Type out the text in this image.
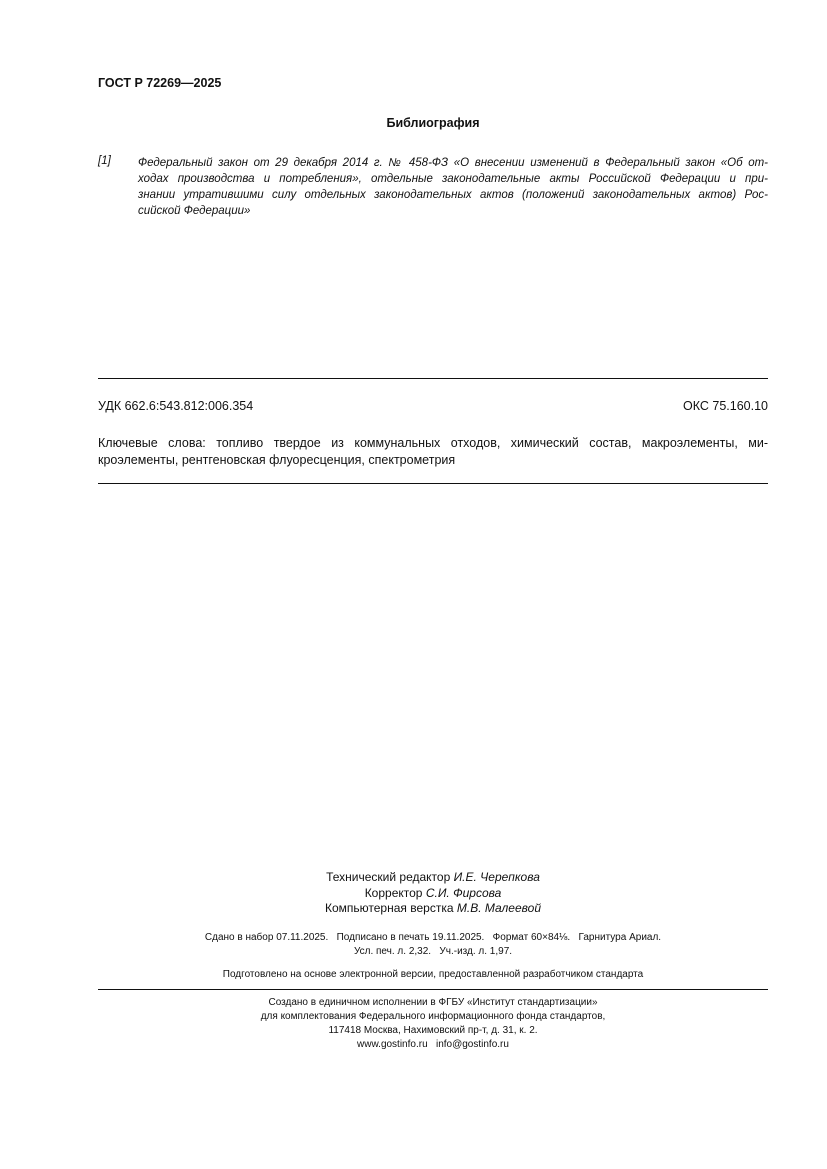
ГОСТ Р 72269—2025
Библиография
[1] Федеральный закон от 29 декабря 2014 г. № 458-ФЗ «О внесении изменений в Федеральный закон «Об от-
ходах производства и потребления», отдельные законодательные акты Российской Федерации и при-
знании утратившими силу отдельных законодательных актов (положений законодательных актов) Рос-
сийской Федерации»
УДК 662.6:543.812:006.354	ОКС 75.160.10
Ключевые слова: топливо твердое из коммунальных отходов, химический состав, макроэлементы, ми-
кроэлементы, рентгеновская флуоресценция, спектрометрия
Технический редактор И.Е. Черепкова
Корректор С.И. Фирсова
Компьютерная верстка М.В. Малеевой
Сдано в набор 07.11.2025.   Подписано в печать 19.11.2025.   Формат 60×84⅛.   Гарнитура Ариал.
Усл. печ. л. 2,32.   Уч.-изд. л. 1,97.
Подготовлено на основе электронной версии, предоставленной разработчиком стандарта
Создано в единичном исполнении в ФГБУ «Институт стандартизации»
для комплектования Федерального информационного фонда стандартов,
117418 Москва, Нахимовский пр-т, д. 31, к. 2.
www.gostinfo.ru   info@gostinfo.ru
